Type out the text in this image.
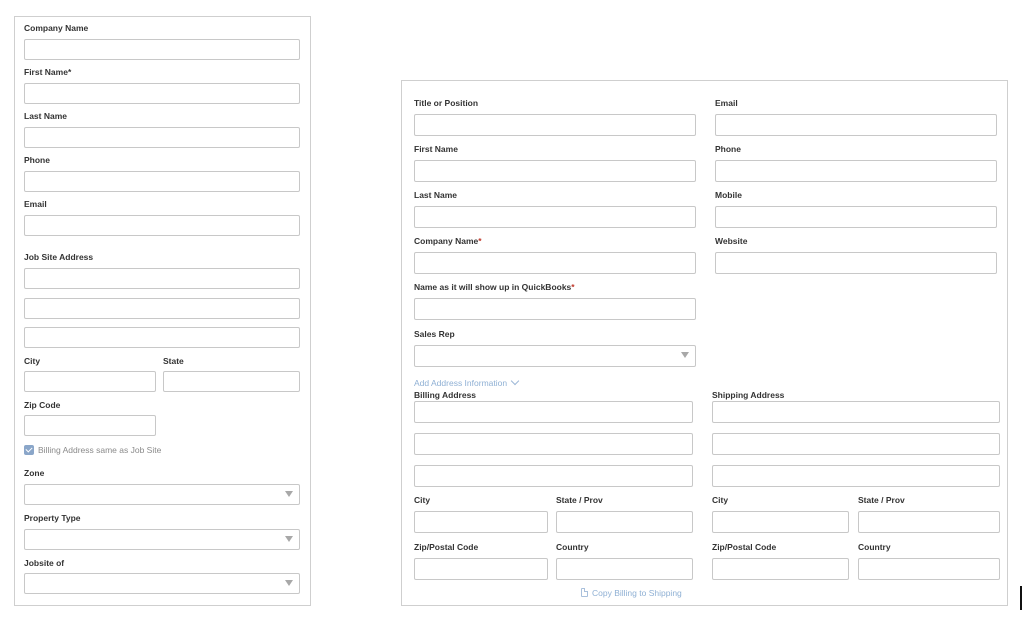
Company Name
First Name*
Last Name
Phone
Email
Job Site Address
City	State
Zip Code
Billing Address same as Job Site
Zone
Property Type
Jobsite of
Title or Position	Email
First Name	Phone
Last Name	Mobile
Company Name*	Website
Name as it will show up in QuickBooks*
Sales Rep
Add Address Information
Billing Address	Shipping Address
City	State / Prov	City	State / Prov
Zip/Postal Code	Country	Zip/Postal Code	Country
Copy Billing to Shipping
